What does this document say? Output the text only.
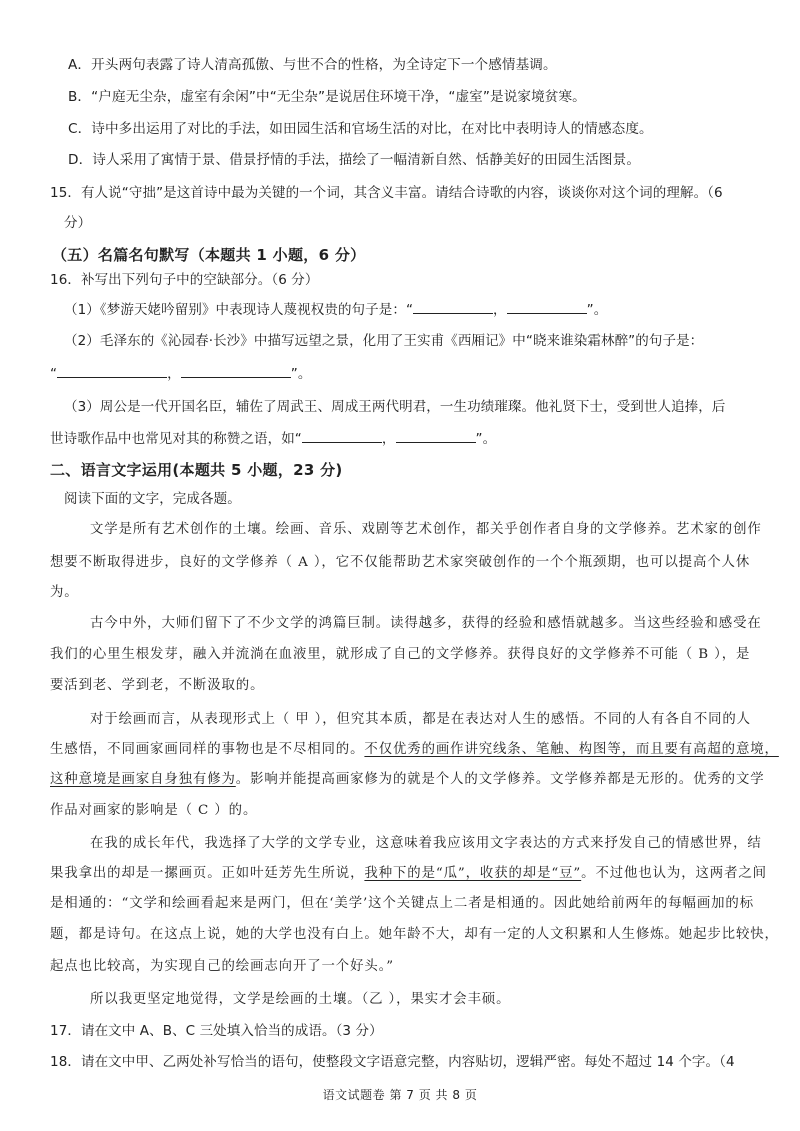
A．开头两句表露了诗人清高孤傲、与世不合的性格，为全诗定下一个感情基调。
B．“户庭无尘杂，虚室有余闲”中“无尘杂”是说居住环境干净，“虚室”是说家境贫寒。
C．诗中多出运用了对比的手法，如田园生活和官场生活的对比，在对比中表明诗人的情感态度。
D．诗人采用了寓情于景、借景抒情的手法，描绘了一幅清新自然、恬静美好的田园生活图景。
15．有人说“守拙”是这首诗中最为关键的一个词，其含义丰富。请结合诗歌的内容，谈谈你对这个词的理解。（6
分）
（五）名篇名句默写（本题共 1 小题，6 分）
16．补写出下列句子中的空缺部分。（6 分）
（1）《梦游天姥吟留别》中表现诗人蔑视权贵的句子是：“	，	”。
（2）毛泽东的《沁园春·长沙》中描写远望之景，化用了王实甫《西厢记》中“晓来谁染霜林醉”的句子是：
“	，	”。
（3）周公是一代开国名臣，辅佐了周武王、周成王两代明君，一生功绩璀璨。他礼贤下士，受到世人追捧，后
世诗歌作品中也常见对其的称赞之语，如“	，	”。
二、语言文字运用(本题共 5 小题，23 分)
阅读下面的文字，完成各题。
文学是所有艺术创作的土壤。绘画、音乐、戏剧等艺术创作，都关乎创作者自身的文学修养。艺术家的创作
想要不断取得进步，良好的文学修养（ A ），它不仅能帮助艺术家突破创作的一个个瓶颈期，也可以提高个人休
为。
古今中外，大师们留下了不少文学的鸿篇巨制。读得越多，获得的经验和感悟就越多。当这些经验和感受在
我们的心里生根发芽，融入并流淌在血液里，就形成了自己的文学修养。获得良好的文学修养不可能（ B ），是
要活到老、学到老，不断汲取的。
对于绘画而言，从表现形式上（ 甲 ），但究其本质，都是在表达对人生的感悟。不同的人有各自不同的人
生感悟，不同画家画同样的事物也是不尽相同的。不仅优秀的画作讲究线条、笔触、构图等，而且要有高超的意境，
这种意境是画家自身独有修为。影响并能提高画家修为的就是个人的文学修养。文学修养都是无形的。优秀的文学
作品对画家的影响是（ C ）的。
在我的成长年代，我选择了大学的文学专业，这意味着我应该用文字表达的方式来抒发自己的情感世界，结
果我拿出的却是一摞画页。正如叶廷芳先生所说，我种下的是“瓜”，收获的却是“豆”。不过他也认为，这两者之间
是相通的：“文学和绘画看起来是两门，但在‘美学’这个关键点上二者是相通的。因此她给前两年的每幅画加的标
题，都是诗句。在这点上说，她的大学也没有白上。她年龄不大，却有一定的人文积累和人生修炼。她起步比较快，
起点也比较高，为实现自己的绘画志向开了一个好头。”
所以我更坚定地觉得，文学是绘画的土壤。（乙 ），果实才会丰硕。
17．请在文中 A、B、C 三处填入恰当的成语。（3 分）
18．请在文中甲、乙两处补写恰当的语句，使整段文字语意完整，内容贴切，逻辑严密。每处不超过 14 个字。（4
语文试题卷 第 7 页 共 8 页
